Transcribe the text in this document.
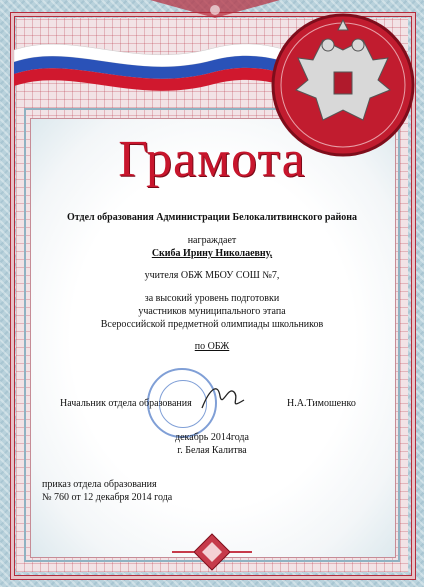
Грамота
Отдел образования Администрации Белокалитвинского района
награждает
Скиба Ирину Николаевну,
учителя ОБЖ МБОУ СОШ №7,
за высокий уровень подготовки
участников муниципального этапа
Всероссийской предметной олимпиады школьников
по ОБЖ
Начальник отдела образования	Н.А.Тимошенко
декабрь 2014года
г. Белая Калитва
приказ отдела образования
№ 760 от 12 декабря 2014 года
